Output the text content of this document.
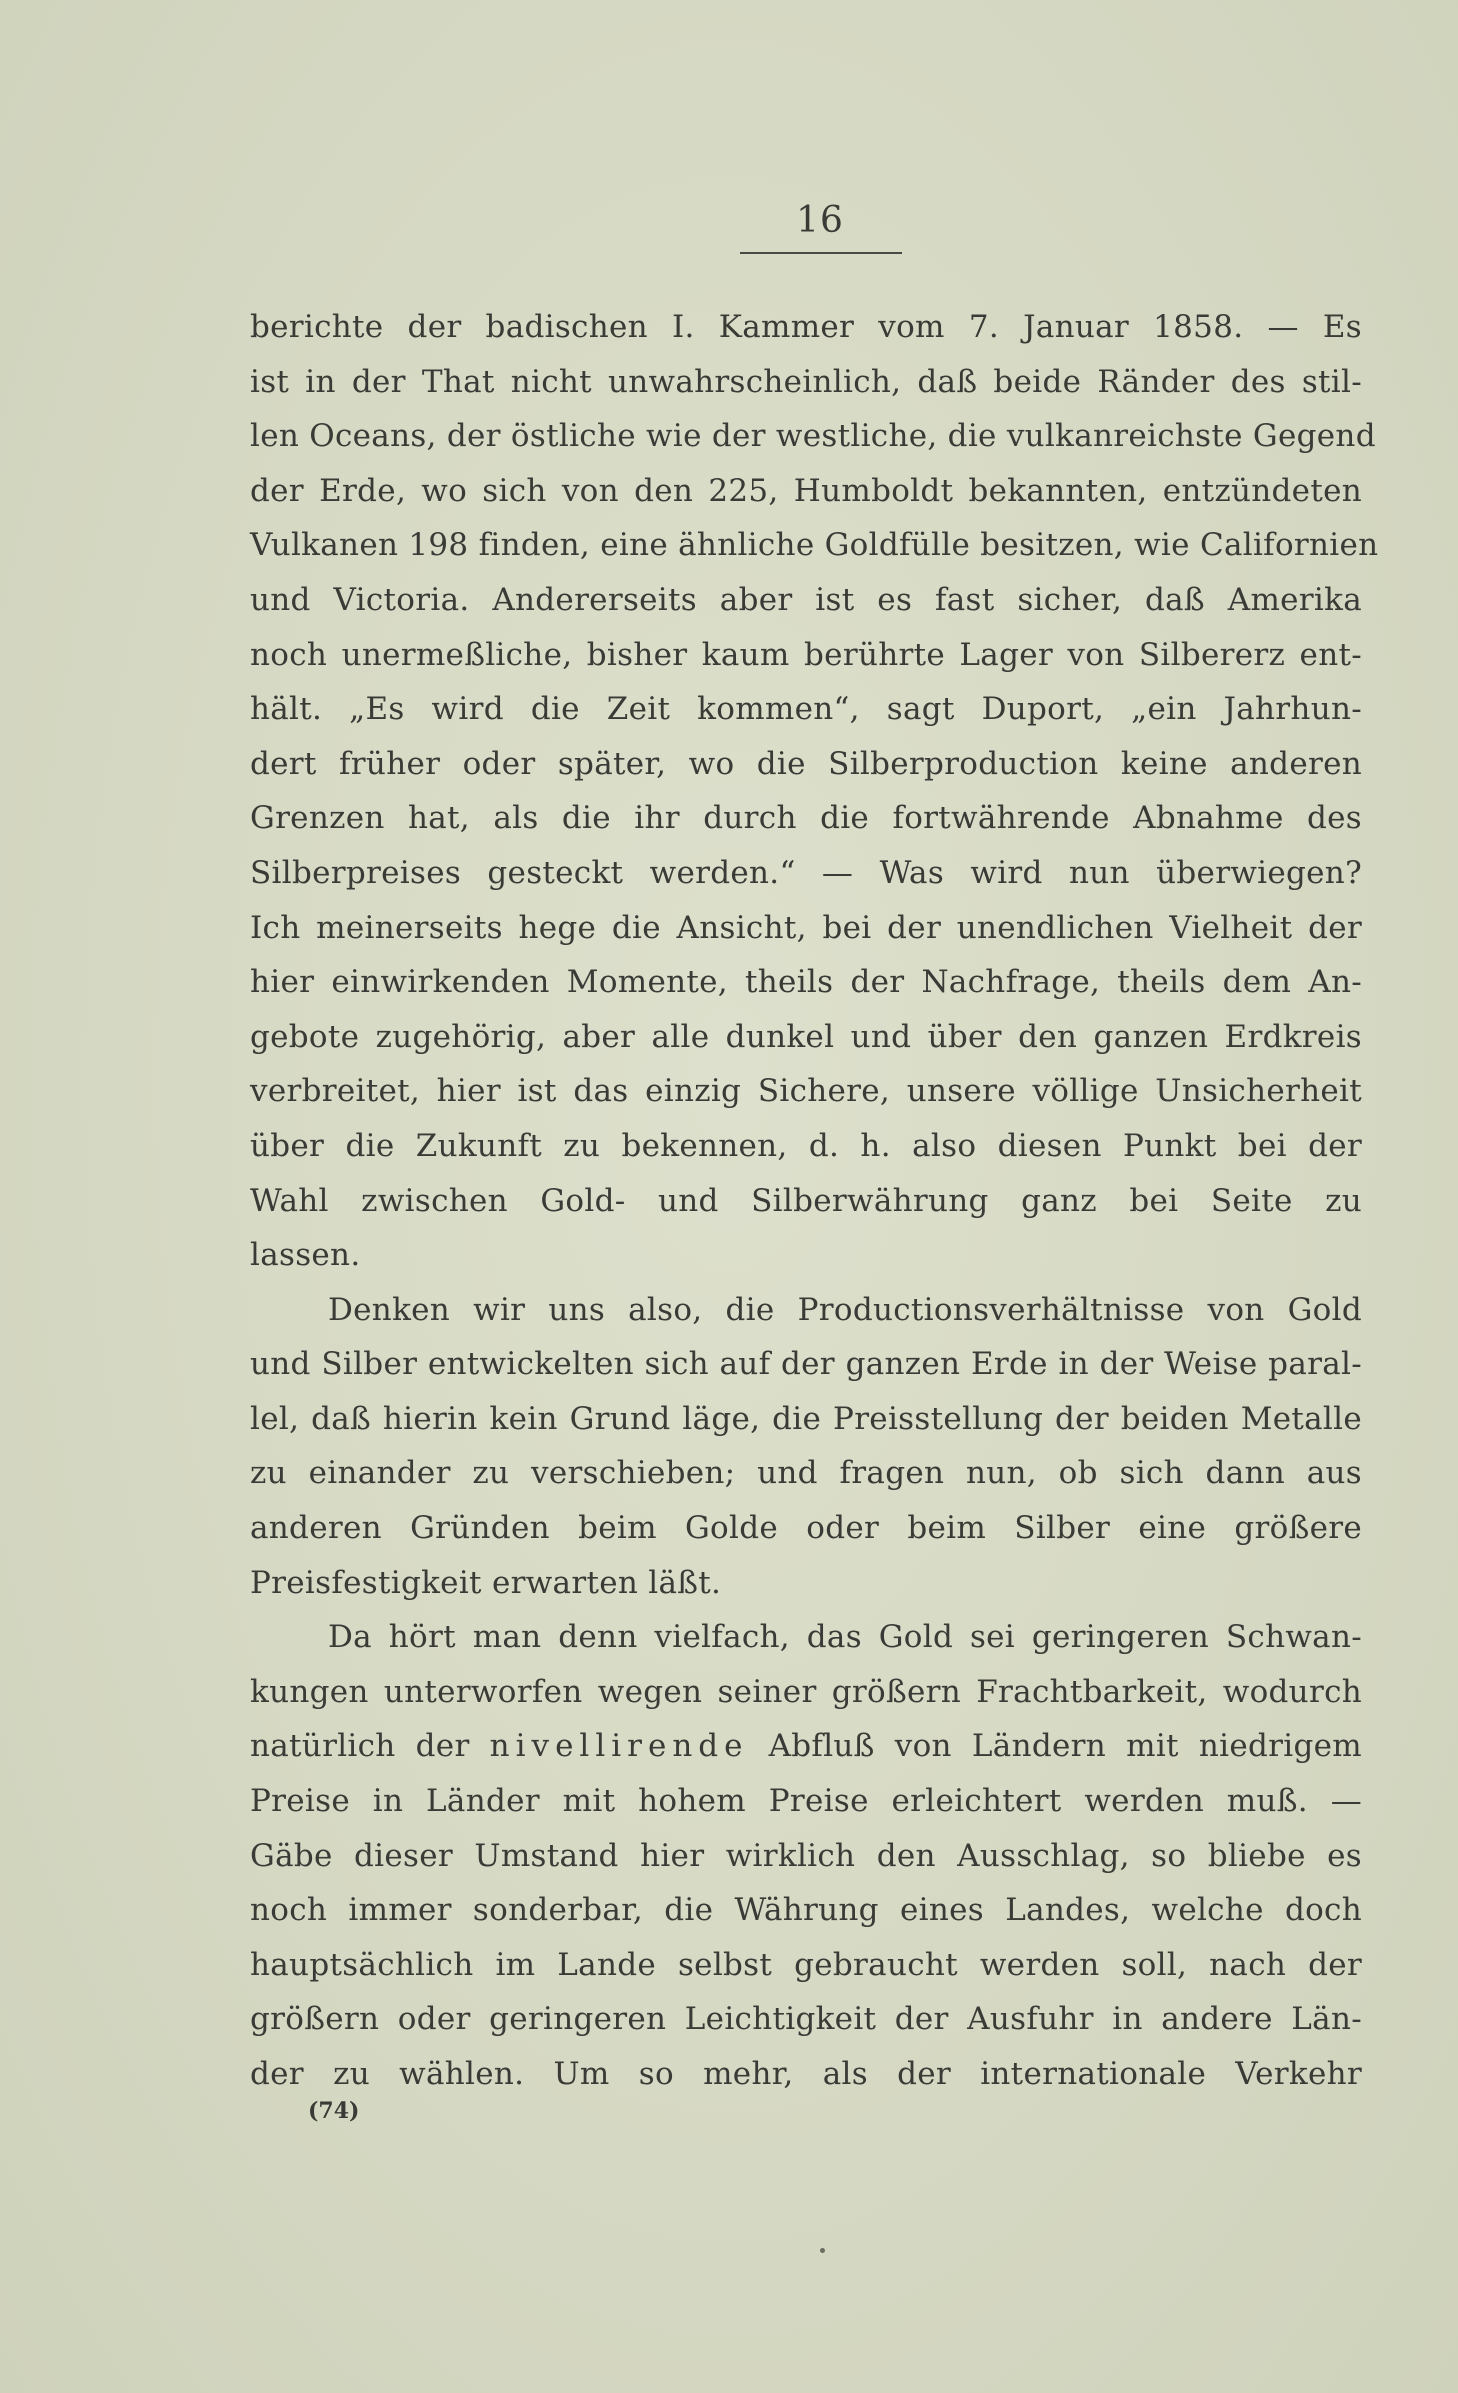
16
berichte der badischen I. Kammer vom 7. Januar 1858. — Es
ist in der That nicht unwahrscheinlich, daß beide Ränder des stil-
len Oceans, der östliche wie der westliche, die vulkanreichste Gegend
der Erde, wo sich von den 225, Humboldt bekannten, entzündeten
Vulkanen 198 finden, eine ähnliche Goldfülle besitzen, wie Californien
und Victoria. Andererseits aber ist es fast sicher, daß Amerika
noch unermeßliche, bisher kaum berührte Lager von Silbererz ent-
hält. „Es wird die Zeit kommen“, sagt Duport, „ein Jahrhun-
dert früher oder später, wo die Silberproduction keine anderen
Grenzen hat, als die ihr durch die fortwährende Abnahme des
Silberpreises gesteckt werden.“ — Was wird nun überwiegen?
Ich meinerseits hege die Ansicht, bei der unendlichen Vielheit der
hier einwirkenden Momente, theils der Nachfrage, theils dem An-
gebote zugehörig, aber alle dunkel und über den ganzen Erdkreis
verbreitet, hier ist das einzig Sichere, unsere völlige Unsicherheit
über die Zukunft zu bekennen, d. h. also diesen Punkt bei der
Wahl zwischen Gold- und Silberwährung ganz bei Seite zu
lassen.
Denken wir uns also, die Productionsverhältnisse von Gold
und Silber entwickelten sich auf der ganzen Erde in der Weise paral-
lel, daß hierin kein Grund läge, die Preisstellung der beiden Metalle
zu einander zu verschieben; und fragen nun, ob sich dann aus
anderen Gründen beim Golde oder beim Silber eine größere
Preisfestigkeit erwarten läßt.
Da hört man denn vielfach, das Gold sei geringeren Schwan-
kungen unterworfen wegen seiner größern Frachtbarkeit, wodurch
natürlich der nivellirende Abfluß von Ländern mit niedrigem
Preise in Länder mit hohem Preise erleichtert werden muß. —
Gäbe dieser Umstand hier wirklich den Ausschlag, so bliebe es
noch immer sonderbar, die Währung eines Landes, welche doch
hauptsächlich im Lande selbst gebraucht werden soll, nach der
größern oder geringeren Leichtigkeit der Ausfuhr in andere Län-
der zu wählen. Um so mehr, als der internationale Verkehr
(74)
